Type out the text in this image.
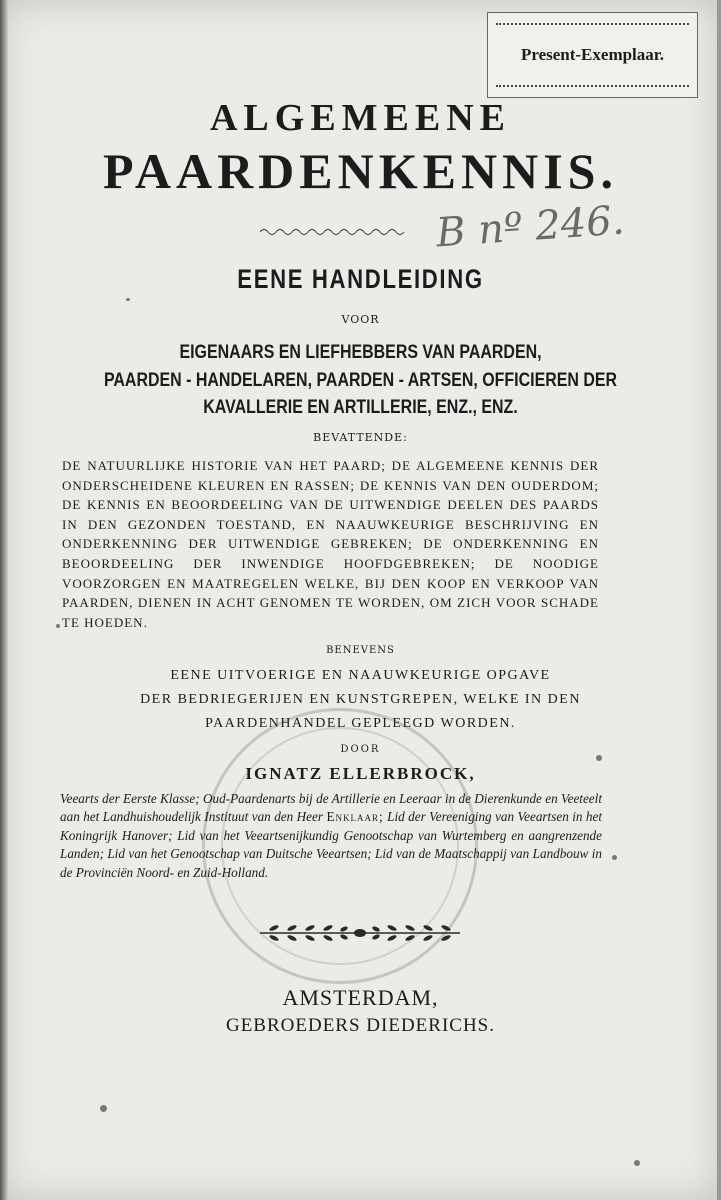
Present-Exemplaar.
ALGEMEENE
PAARDENKENNIS.
B nº 246.
EENE HANDLEIDING
VOOR
EIGENAARS EN LIEFHEBBERS VAN PAARDEN,
PAARDEN - HANDELAREN, PAARDEN - ARTSEN, OFFICIEREN DER
KAVALLERIE EN ARTILLERIE, ENZ., ENZ.
BEVATTENDE:
DE NATUURLIJKE HISTORIE VAN HET PAARD; DE ALGEMEENE KENNIS DER ONDERSCHEIDENE KLEUREN EN RASSEN; DE KENNIS VAN DEN OUDERDOM; DE KENNIS EN BEOORDEELING VAN DE UITWENDIGE DEELEN DES PAARDS IN DEN GEZONDEN TOESTAND, EN NAAUWKEURIGE BESCHRIJVING EN ONDERKENNING DER UITWENDIGE GEBREKEN; DE ONDERKENNING EN BEOORDEELING DER INWENDIGE HOOFDGEBREKEN; DE NOODIGE VOORZORGEN EN MAATREGELEN WELKE, BIJ DEN KOOP EN VERKOOP VAN PAARDEN, DIENEN IN ACHT GENOMEN TE WORDEN, OM ZICH VOOR SCHADE TE HOEDEN.
BENEVENS
EENE UITVOERIGE EN NAAUWKEURIGE OPGAVE
DER BEDRIEGERIJEN EN KUNSTGREPEN, WELKE IN DEN
PAARDENHANDEL GEPLEEGD WORDEN.
DOOR
IGNATZ ELLERBROCK,
Veearts der Eerste Klasse; Oud-Paardenarts bij de Artillerie en Leeraar in de Dierenkunde en Veeteelt aan het Landhuishoudelijk Instituut van den Heer Enklaar; Lid der Vereeniging van Veeartsen in het Koningrijk Hanover; Lid van het Veeartsenijkundig Genootschap van Wurtemberg en aangrenzende Landen; Lid van het Genootschap van Duitsche Veeartsen; Lid van de Maatschappij van Landbouw in de Provinciën Noord- en Zuid-Holland.
AMSTERDAM,
GEBROEDERS DIEDERICHS.
